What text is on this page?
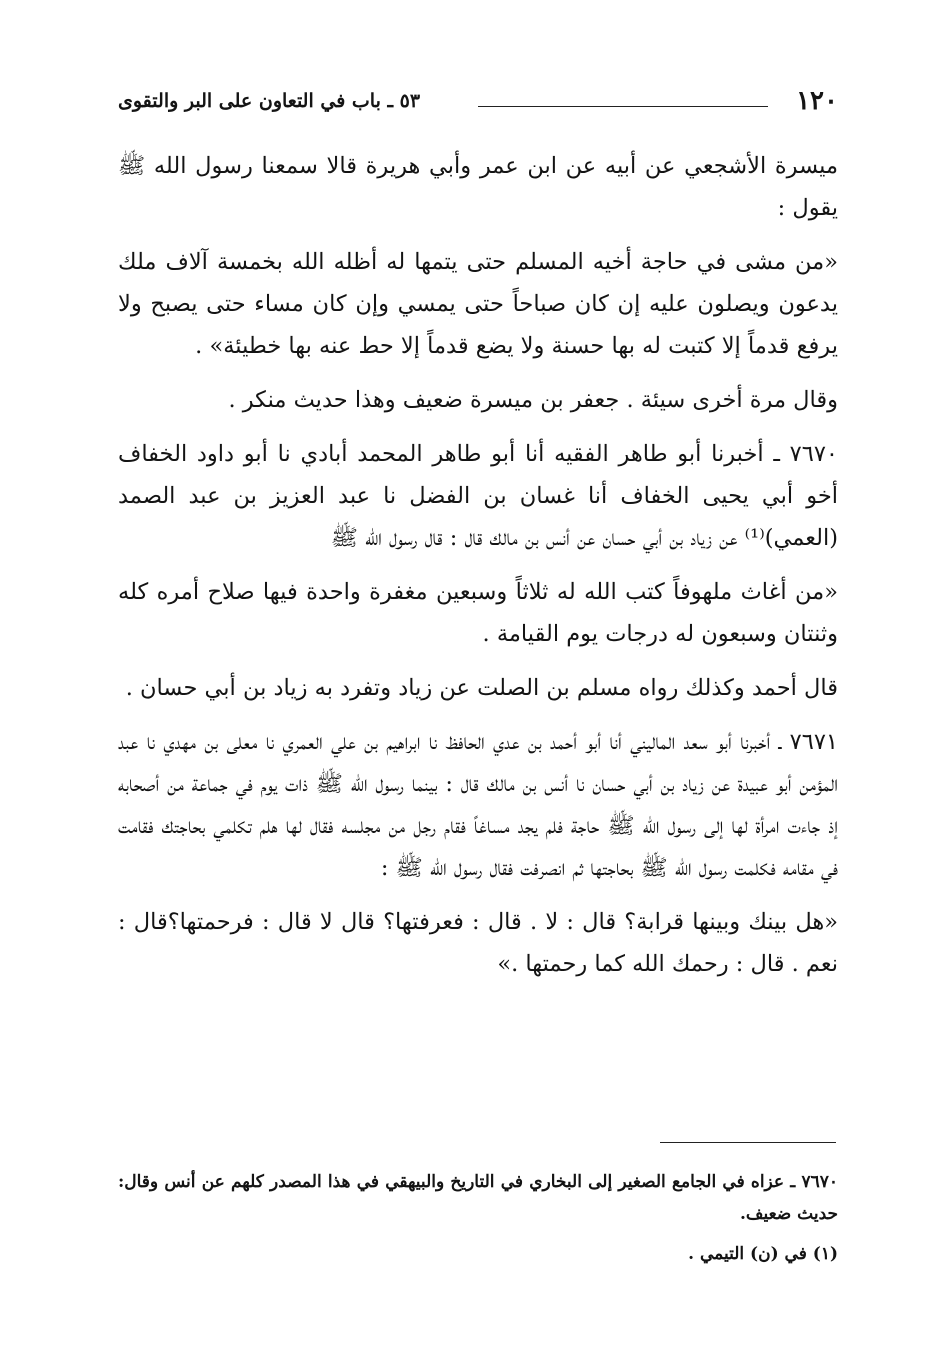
١٢٠
٥٣ ـ باب في التعاون على البر والتقوى

ميسرة الأشجعي عن أبيه عن ابن عمر وأبي هريرة قالا سمعنا رسول الله ﷺ يقول :

«من مشى في حاجة أخيه المسلم حتى يتمها له أظله الله بخمسة آلاف ملك يدعون ويصلون عليه إن كان صباحاً حتى يمسي وإن كان مساء حتى يصبح ولا يرفع قدماً إلا كتبت له بها حسنة ولا يضع قدماً إلا حط عنه بها خطيئة» .

وقال مرة أخرى سيئة . جعفر بن ميسرة ضعيف وهذا حديث منكر .

٧٦٧٠ ـ أخبرنا أبو طاهر الفقيه أنا أبو طاهر المحمد أبادي نا أبو داود الخفاف أخو أبي يحيى الخفاف أنا غسان بن الفضل نا عبد العزيز بن عبد الصمد (العمي)⁽¹⁾ عن زياد بن أبي حسان عن أنس بن مالك قال : قال رسول الله ﷺ

«من أغاث ملهوفاً كتب الله له ثلاثاً وسبعين مغفرة واحدة فيها صلاح أمره كله وثنتان وسبعون له درجات يوم القيامة .

قال أحمد وكذلك رواه مسلم بن الصلت عن زياد وتفرد به زياد بن أبي حسان .

٧٦٧١ ـ أخبرنا أبو سعد الماليني أنا أبو أحمد بن عدي الحافظ نا ابراهيم بن علي العمري نا معلى بن مهدي نا عبد المؤمن أبو عبيدة عن زياد بن أبي حسان نا أنس بن مالك قال : بينما رسول الله ﷺ ذات يوم في جماعة من أصحابه إذ جاءت امرأة لها إلى رسول الله ﷺ حاجة فلم يجد مساغاً فقام رجل من مجلسه فقال لها هلم تكلمي بحاجتك فقامت في مقامه فكلمت رسول الله ﷺ بحاجتها ثم انصرفت فقال رسول الله ﷺ :

«هل بينك وبينها قرابة؟ قال : لا . قال : فعرفتها؟ قال لا قال : فرحمتها؟قال : نعم . قال : رحمك الله كما رحمتها .»

٧٦٧٠ ـ عزاه في الجامع الصغير إلى البخاري في التاريخ والبيهقي في هذا المصدر كلهم عن أنس وقال: حديث ضعيف.

(١) في (ن) التيمي .
